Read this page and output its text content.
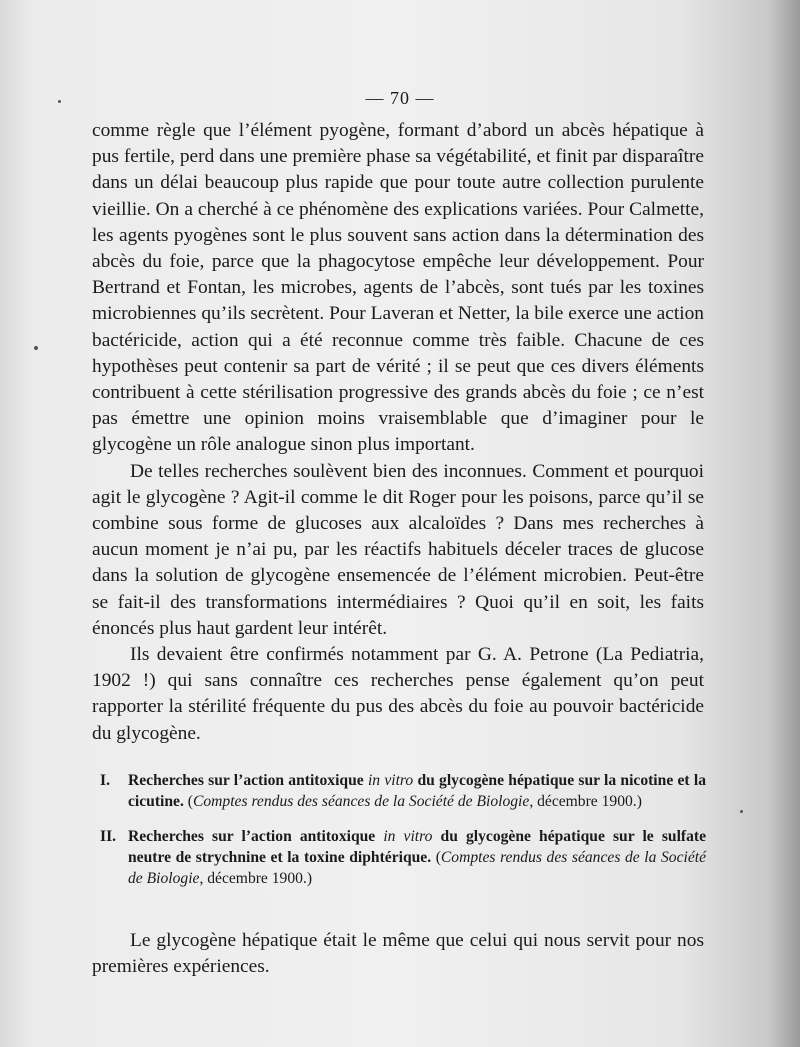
— 70 —

comme règle que l’élément pyogène, formant d’abord un abcès hépatique à pus fertile, perd dans une première phase sa végétabilité, et finit par disparaître dans un délai beaucoup plus rapide que pour toute autre collection purulente vieillie. On a cherché à ce phénomène des explications variées. Pour Calmette, les agents pyogènes sont le plus souvent sans action dans la détermination des abcès du foie, parce que la phagocytose empêche leur développement. Pour Bertrand et Fontan, les microbes, agents de l’abcès, sont tués par les toxines microbiennes qu’ils secrètent. Pour Laveran et Netter, la bile exerce une action bactéricide, action qui a été reconnue comme très faible. Chacune de ces hypothèses peut contenir sa part de vérité ; il se peut que ces divers éléments contribuent à cette stérilisation progressive des grands abcès du foie ; ce n’est pas émettre une opinion moins vraisemblable que d’imaginer pour le glycogène un rôle analogue sinon plus important.

De telles recherches soulèvent bien des inconnues. Comment et pourquoi agit le glycogène ? Agit-il comme le dit Roger pour les poisons, parce qu’il se combine sous forme de glucoses aux alcaloïdes ? Dans mes recherches à aucun moment je n’ai pu, par les réactifs habituels déceler traces de glucose dans la solution de glycogène ensemencée de l’élément microbien. Peut-être se fait-il des transformations intermédiaires ? Quoi qu’il en soit, les faits énoncés plus haut gardent leur intérêt.

Ils devaient être confirmés notamment par G. A. Petrone (La Pediatria, 1902 !) qui sans connaître ces recherches pense également qu’on peut rapporter la stérilité fréquente du pus des abcès du foie au pouvoir bactéricide du glycogène.

I. Recherches sur l’action antitoxique in vitro du glycogène hépatique sur la nicotine et la cicutine. (Comptes rendus des séances de la Société de Biologie, décembre 1900.)
II. Recherches sur l’action antitoxique in vitro du glycogène hépatique sur le sulfate neutre de strychnine et la toxine diphtérique. (Comptes rendus des séances de la Société de Biologie, décembre 1900.)
Le glycogène hépatique était le même que celui qui nous servit pour nos premières expériences.
